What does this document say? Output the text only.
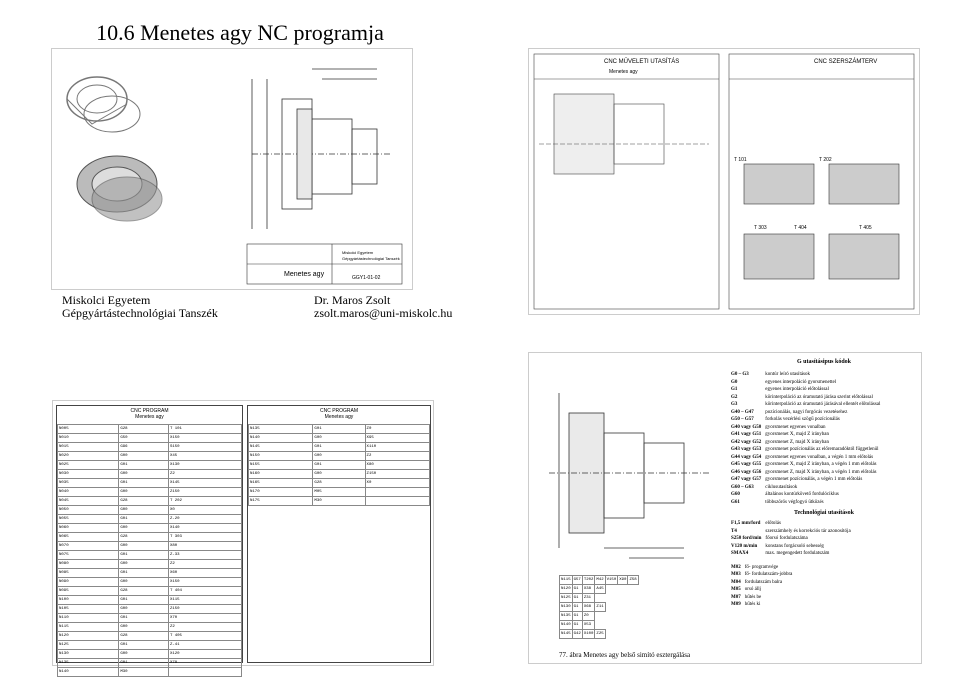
10.6 Menetes agy NC programja
Menetes agy
Miskolci Egyetem
Gépgyártástechnológiai Tanszék
GGY1-01-02
CNC MŰVELETI UTASÍTÁS	CNC SZERSZÁMTERV
Menetes agy
T 101	T 202
T 303	T 404	T 405
Miskolci Egyetem
Gépgyártástechnológiai Tanszék
Dr. Maros Zsolt
zsolt.maros@uni-miskolc.hu
CNC PROGRAM
Menetes agy
N005	G28	T 101
N010	G50	X150
N015	G96	S150
N020	G00	X45
N025	G01	X130
N030	G00	Z2
N035	G01	X145
N040	G00	Z150
N045	G28	T 202
N050	G00	X0
N055	G01	Z-20
N060	G00	X140
N065	G28	T 303
N070	G00	X80
N075	G01	Z-33
N080	G00	Z2
N085	G01	X60
N090	G00	X150
N095	G28	T 404
N100	G01	X115
N105	G00	Z150
N110	G01	X70
N115	G00	Z2
N120	G28	T 405
N125	G01	Z-41
N130	G00	X120
N135	G01	X78
N140	M30	
CNC PROGRAM
Menetes agy
N135	G01	Z0
N140	G00	X95
N145	G01	X110
N150	G00	Z2
N155	G01	X80
N160	G00	Z150
N165	G28	X0
N170	M05	
N175	M30	
N115	G57	T202	M42	V150	X90	Z58
N120	G1	X38	A45			
N125	G1	Z31				
N130	G1	X68	Z11			
N135	G1	Z0				
N140	G1	X53				
N145	G42	X100	Z25			
77. ábra Menetes agy belső simító esztergálása
G utasításipus kódok
G0 – G3	kontúr leíró utasítások
G0	egyenes interpoláció gyorsmenettel
G1	egyenes interpoláció előtolással
G2	körinterpoláció az óramutató járása szerint előtolással
G3	körinterpoláció az óramutató járásával ellentét előtolással
G40 – G47	pozícionálás, nagyi forgócás vezetésehez
G50 – G57	forkolás vezérlési szögű pozícionálás
G40 vagy G50	gyorsmenet egyenes vonalban
G41 vagy G51	gyorsmenet X, majd Z irányban
G42 vagy G52	gyorsmenet Z, majd X irányban
G43 vagy G53	gyorsmenet pozícionálás az előremaradóktól függetlenül
G44 vagy G54	gyorsmenet egyenes vonalban, a végén 1 mm előtolás
G45 vagy G55	gyorsmenet X, majd Z irányban, a végén 1 mm előtolás
G46 vagy G56	gyorsmenet Z, majd X irányban, a végén 1 mm előtolás
G47 vagy G57	gyorsmenet pozícionálás, a végén 1 mm előtolás
G60 – G63	ciklusutasítások
G60	általános kontúrkövető fordulóciklus
G61	többszörös végfogyó ütközés
Technológiai utasítások
F1,5 mm/ford	előtolás
T4	szerszámhely és korrekciós tár azonosítója
S250 ford/min	főorsó fordulatszáma
V120 m/min	konstans forgácsoló sebesség
SMAX4	max. megengedett fordulatszám
M02	fő- programvége
M03	fő- fordulatszám-jobbra
M04	fordulatszám balra
M05	orsó állj
M07	hűtés be
M09	hűtés ki
